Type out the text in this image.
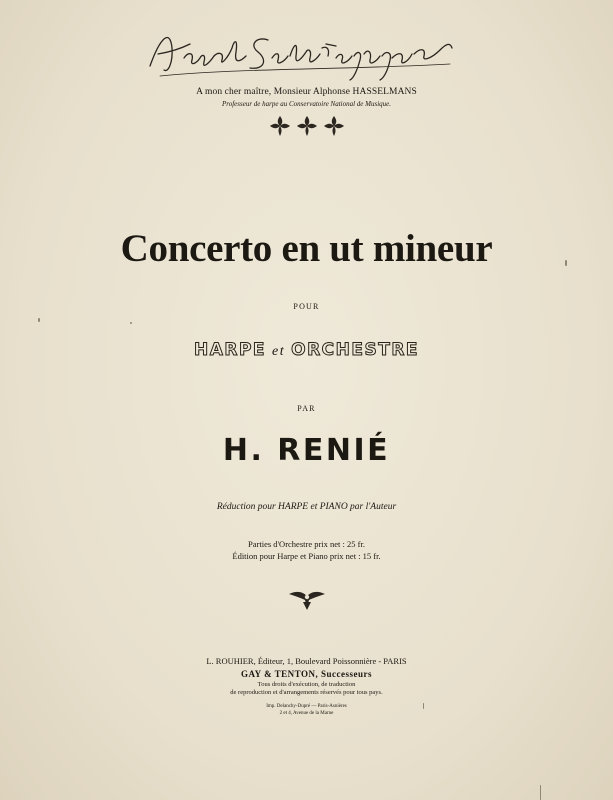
A mon cher maître, Monsieur Alphonse HASSELMANS
Professeur de harpe au Conservatoire National de Musique.
Concerto en ut mineur
POUR
HARPE et ORCHESTRE
PAR
H. RENIÉ
Réduction pour HARPE et PIANO par l'Auteur
Parties d'Orchestre prix net : 25 fr.
Édition pour Harpe et Piano prix net : 15 fr.
L. ROUHIER, Éditeur, 1, Boulevard Poissonnière - PARIS
GAY & TENTON, Successeurs
Tous droits d'exécution, de traduction
de reproduction et d'arrangements réservés pour tous pays.
Imp. Delanchy-Dupré — Paris-Asnières
2 et 4, Avenue de la Marne
